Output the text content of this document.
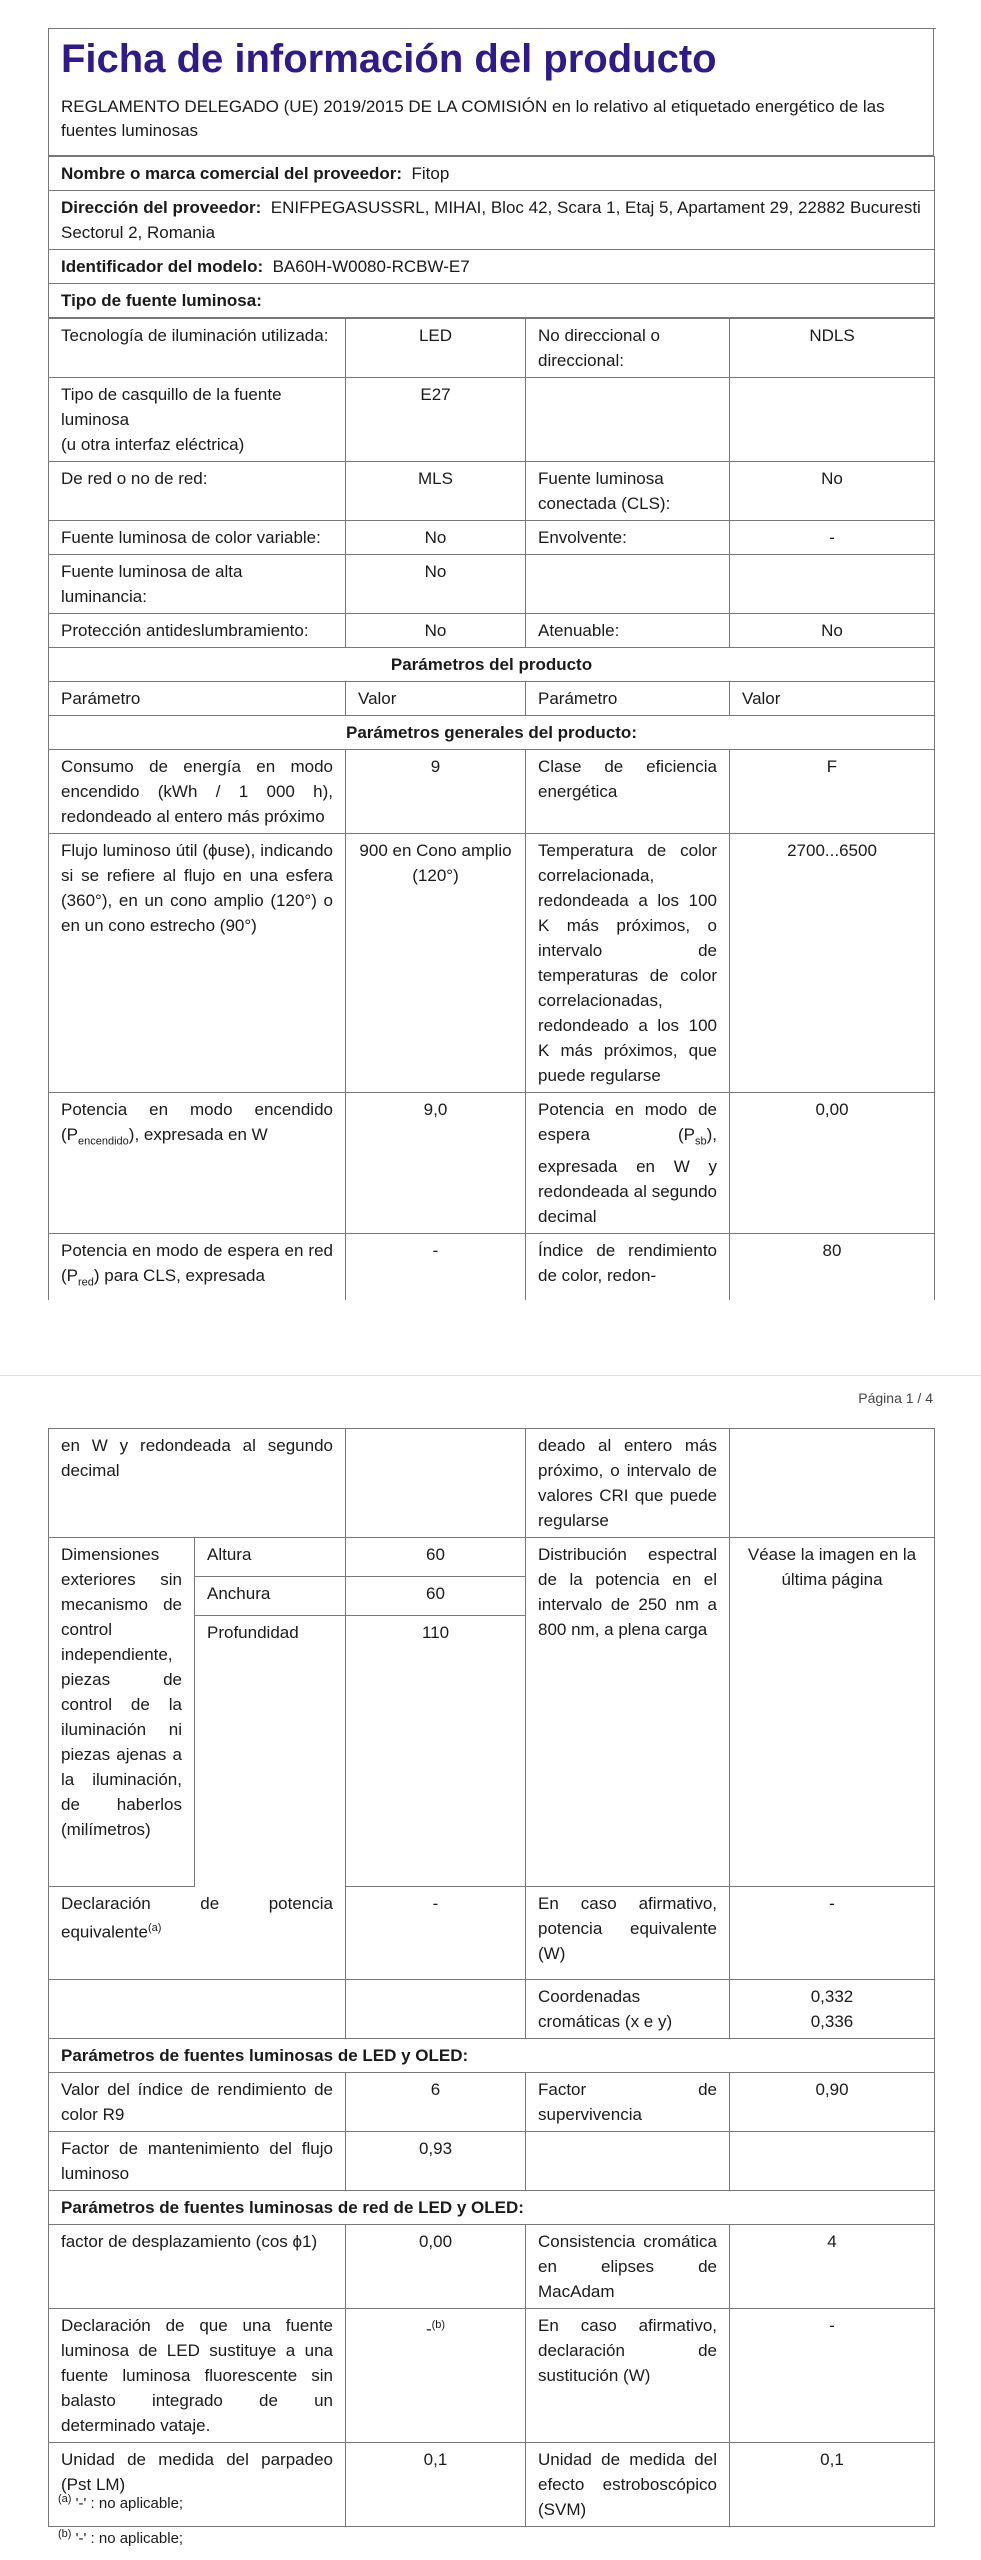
Ficha de información del producto
REGLAMENTO DELEGADO (UE) 2019/2015 DE LA COMISIÓN en lo relativo al etiquetado energético de las fuentes luminosas
Nombre o marca comercial del proveedor: Fitop
Dirección del proveedor: ENIFPEGASUSSRL, MIHAI, Bloc 42, Scara 1, Etaj 5, Apartament 29, 22882 Bucuresti Sectorul 2, Romania
Identificador del modelo: BA60H-W0080-RCBW-E7
Tipo de fuente luminosa:
Tecnología de iluminación utilizada:	LED	No direccional o direccional:	NDLS

Tipo de casquillo de la fuente luminosa
(u otra interfaz eléctrica)	E27		
De red o no de red:	MLS	Fuente luminosa conectada (CLS):	No
Fuente luminosa de color variable:	No	Envolvente:	-
Fuente luminosa de alta luminancia:	No		
Protección antideslumbramiento:	No	Atenuable:	No
Parámetros del producto			
Parámetro	Valor	Parámetro	Valor
Parámetros generales del producto:			
Consumo de energía en modo encendido (kWh / 1 000 h), redondeado al entero más próximo	9	Clase de eficiencia energética	F
Flujo luminoso útil (ϕuse), indicando si se refiere al flujo en una esfera (360°), en un cono amplio (120°) o en un cono estrecho (90°)	900 en Cono amplio (120°)	Temperatura de color correlacionada, redondeada a los 100 K más próximos, o intervalo de temperaturas de color correlacionadas, redondeado a los 100 K más próximos, que puede regularse	2700...6500
Potencia en modo encendido $(P_{encendido})$, expresada en W	9,0	Potencia en modo de espera $(P_{sb})$, expresada en W y redondeada al segundo decimal	0,00
Potencia en modo de espera en red $(P_{red})$ para CLS, expresada	-	Índice de rendimiento de color, redon-	80
Página 1 / 4
en W y redondeada al segundo decimal			deado al entero más próximo, o intervalo de valores CRI que puede regularse	
Dimensiones exteriores sin mecanismo de control independiente, piezas de control de la iluminación ni piezas ajenas a la iluminación, de haberlos (milímetros)	Altura	60	Distribución espectral de la potencia en el intervalo de 250 nm a 800 nm, a plena carga	Véase la imagen en la última página
	Anchura	60		
	Profundidad	110		
Declaración de potencia equivalente$^{(a)}$		-	En caso afirmativo, potencia equivalente (W)	-
			Coordenadas cromáticas (x e y)	0,332
0,336

Parámetros de fuentes luminosas de LED y OLED:				
Valor del índice de rendimiento de color R9		6	Factor de supervivencia	0,90
Factor de mantenimiento del flujo luminoso		0,93		
Parámetros de fuentes luminosas de red de LED y OLED:				
factor de desplazamiento (cos ϕ1)		0,00	Consistencia cromática en elipses de MacAdam	4
Declaración de que una fuente luminosa de LED sustituye a una fuente luminosa fluorescente sin balasto integrado de un determinado vataje.		-$^{(b)}$	En caso afirmativo, declaración de sustitución (W)	-
Unidad de medida del parpadeo (Pst LM)		0,1	Unidad de medida del efecto estroboscópico (SVM)	0,1
$^{(a)}$ '-' : no aplicable;
$^{(b)}$ '-' : no aplicable;
